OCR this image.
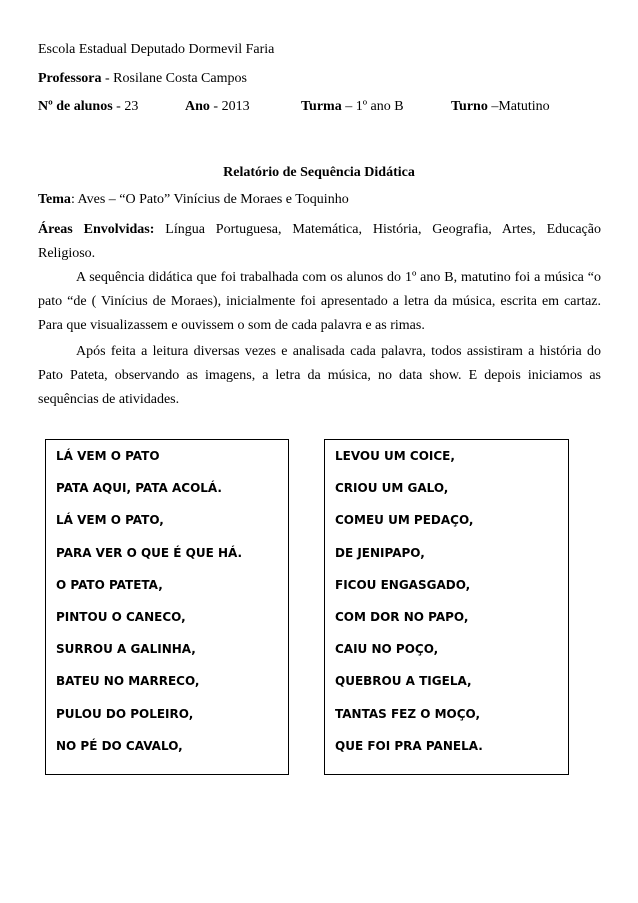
Escola Estadual Deputado Dormevil Faria
Professora - Rosilane Costa Campos
Nº de alunos - 23	Ano - 2013	Turma – 1º ano B	Turno –Matutino
Relatório de Sequência Didática
Tema: Aves – “O Pato” Vinícius de Moraes e Toquinho
Áreas Envolvidas: Língua Portuguesa, Matemática, História, Geografia, Artes, Educação Religioso.
A sequência didática que foi trabalhada com os alunos do 1º ano B, matutino foi a música “o pato “de ( Vinícius de Moraes), inicialmente foi apresentado a letra da música, escrita em cartaz. Para que visualizassem e ouvissem o som de cada palavra e as rimas.
Após feita a leitura diversas vezes e analisada cada palavra, todos assistiram a história do Pato Pateta, observando as imagens, a letra da música, no data show. E depois iniciamos as sequências de atividades.
LÁ VEM O PATO
PATA AQUI, PATA ACOLÁ.
LÁ VEM O PATO,
PARA VER O QUE É QUE HÁ.
O PATO PATETA,
PINTOU O CANECO,
SURROU A GALINHA,
BATEU NO MARRECO,
PULOU DO POLEIRO,
NO PÉ DO CAVALO,
LEVOU UM COICE,
CRIOU UM GALO,
COMEU UM PEDAÇO,
DE JENIPAPO,
FICOU ENGASGADO,
COM DOR NO PAPO,
CAIU NO POÇO,
QUEBROU A TIGELA,
TANTAS FEZ O MOÇO,
QUE FOI PRA PANELA.
